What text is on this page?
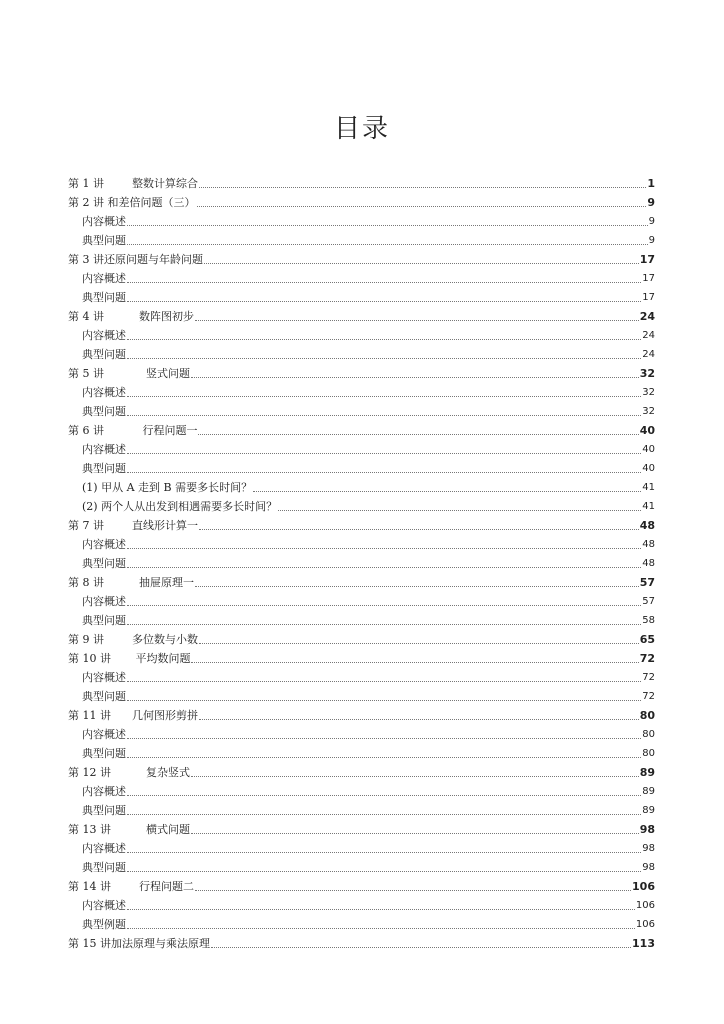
目录
第 1 讲        整数计算综合	1
第 2 讲 和差倍问题（三）	9
内容概述	9
典型问题	9
第 3 讲还原问题与年龄问题	17
内容概述	17
典型问题	17
第 4 讲          数阵图初步	24
内容概述	24
典型问题	24
第 5 讲            竖式问题	32
内容概述	32
典型问题	32
第 6 讲           行程问题一	40
内容概述	40
典型问题	40
(1) 甲从 A 走到 B 需要多长时间？	41
(2) 两个人从出发到相遇需要多长时间？	41
第 7 讲        直线形计算一	48
内容概述	48
典型问题	48
第 8 讲          抽屉原理一	57
内容概述	57
典型问题	58
第 9 讲        多位数与小数	65
第 10 讲       平均数问题	72
内容概述	72
典型问题	72
第 11 讲      几何图形剪拼	80
内容概述	80
典型问题	80
第 12 讲          复杂竖式	89
内容概述	89
典型问题	89
第 13 讲          横式问题	98
内容概述	98
典型问题	98
第 14 讲        行程问题二	106
内容概述	106
典型例题	106
第 15 讲加法原理与乘法原理	113
